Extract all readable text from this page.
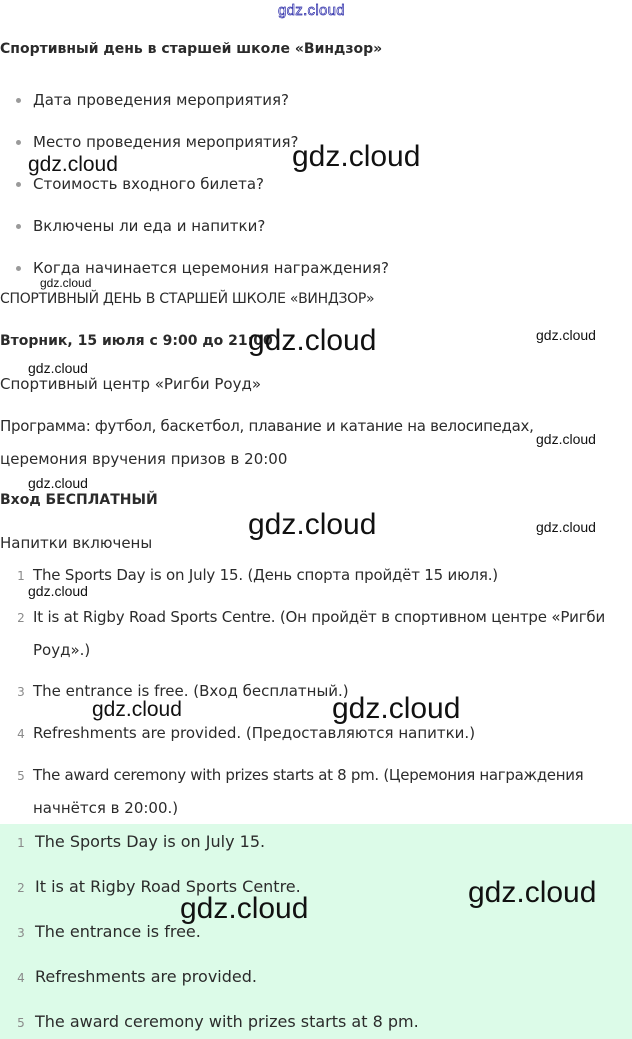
gdz.cloud
Спортивный день в старшей школе «Виндзор»
Дата проведения мероприятия?
Место проведения мероприятия?
Стоимость входного билета?
Включены ли еда и напитки?
Когда начинается церемония награждения?
СПОРТИВНЫЙ ДЕНЬ В СТАРШЕЙ ШКОЛЕ «ВИНДЗОР»
Вторник, 15 июля с 9:00 до 21:00
Спортивный центр «Ригби Роуд»
Программа: футбол, баскетбол, плавание и катание на велосипедах,
церемония вручения призов в 20:00
Вход БЕСПЛАТНЫЙ
Напитки включены
1 The Sports Day is on July 15. (День спорта пройдёт 15 июля.)
2 It is at Rigby Road Sports Centre. (Он пройдёт в спортивном центре «Ригби
Роуд».)
3 The entrance is free. (Вход бесплатный.)
4 Refreshments are provided. (Предоставляются напитки.)
5 The award ceremony with prizes starts at 8 pm. (Церемония награждения
начнётся в 20:00.)
1 The Sports Day is on July 15.
2 It is at Rigby Road Sports Centre.
3 The entrance is free.
4 Refreshments are provided.
5 The award ceremony with prizes starts at 8 pm.
gdz.cloud
gdz.cloud
gdz.cloud
gdz.cloud	gdz.cloud
gdz.cloud
gdz.cloud
gdz.cloud
gdz.cloud	gdz.cloud
gdz.cloud
gdz.cloud	gdz.cloud
gdz.cloud
gdz.cloud
